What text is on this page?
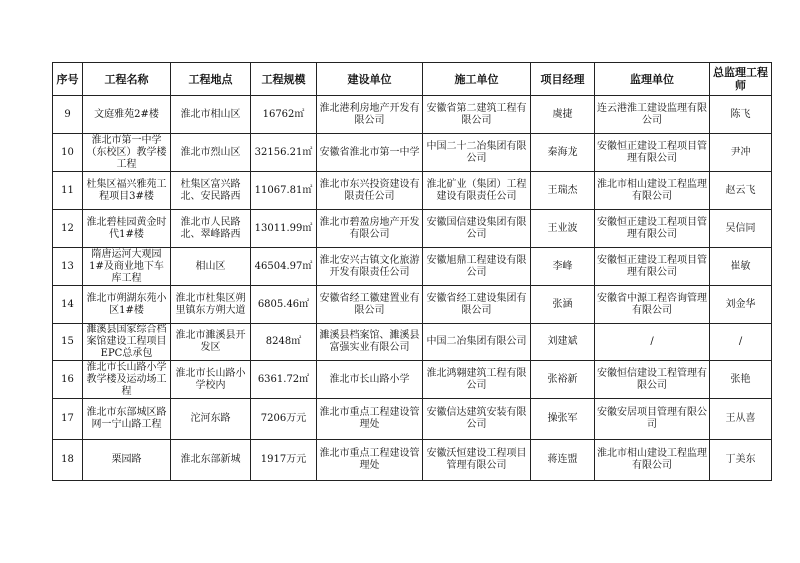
序号	工程名称	工程地点	工程规模	建设单位	施工单位	项目经理	监理单位	总监理工程师
9	文庭雅苑2#楼	淮北市相山区	16762㎡	淮北港利房地产开发有限公司	安徽省第二建筑工程有限公司	虞捷	连云港淮工建设监理有限公司	陈飞
10	淮北市第一中学（东校区）教学楼工程	淮北市烈山区	32156.21㎡	安徽省淮北市第一中学	中国二十二冶集团有限公司	秦海龙	安徽恒正建设工程项目管理有限公司	尹冲
11	杜集区福兴雅苑工程项目3#楼	杜集区富兴路北、安民路西	11067.81㎡	淮北市东兴投资建设有限责任公司	淮北矿业（集团）工程建设有限责任公司	王瑞杰	淮北市相山建设工程监理有限公司	赵云飞
12	淮北碧桂园黄金时代1#楼	淮北市人民路北、翠峰路西	13011.99㎡	淮北市碧盈房地产开发有限公司	安徽国信建设集团有限公司	王业波	安徽恒正建设工程项目管理有限公司	吴信同
13	隋唐运河大观园1#及商业地下车库工程	相山区	46504.97㎡	淮北安兴古镇文化旅游开发有限责任公司	安徽旭鼎工程建设有限公司	李峰	安徽恒正建设工程项目管理有限公司	崔敏
14	淮北市朔湖东苑小区1#楼	淮北市杜集区朔里镇东方朔大道	6805.46㎡	安徽省经工徽建置业有限公司	安徽省经工建设集团有限公司	张涵	安徽省中源工程咨询管理有限公司	刘金华
15	濉溪县国家综合档案馆建设工程项目EPC总承包	淮北市濉溪县开发区	8248㎡	濉溪县档案馆、濉溪县富强实业有限公司	中国二冶集团有限公司	刘建斌	/	/
16	淮北市长山路小学教学楼及运动场工程	淮北市长山路小学校内	6361.72㎡	淮北市长山路小学	淮北鸿翱建筑工程有限公司	张裕新	安徽恒信建设工程管理有限公司	张艳
17	淮北市东部城区路网一宁山路工程	沱河东路	7206万元	淮北市重点工程建设管理处	安徽信达建筑安装有限公司	操张军	安徽安居项目管理有限公司	王从喜
18	栗园路	淮北东部新城	1917万元	淮北市重点工程建设管理处	安徽沃恒建设工程项目管理有限公司	蒋连盟	淮北市相山建设工程监理有限公司	丁美东
